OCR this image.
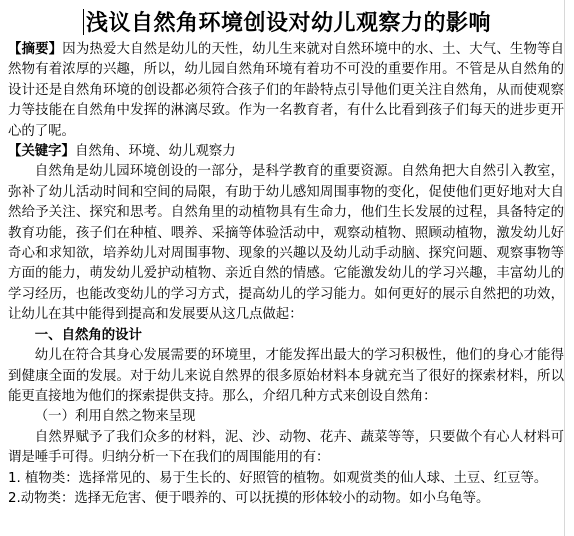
浅议自然角环境创设对幼儿观察力的影响

【摘要】因为热爱大自然是幼儿的天性，幼儿生来就对自然环境中的水、土、大气、生物等自然物有着浓厚的兴趣，所以，幼儿园自然角环境有着功不可没的重要作用。不管是从自然角的设计还是自然角环境的创设都必须符合孩子们的年龄特点引导他们更关注自然角，从而使观察力等技能在自然角中发挥的淋漓尽致。作为一名教育者，有什么比看到孩子们每天的进步更开心的了呢。

【关键字】自然角、环境、幼儿观察力

自然角是幼儿园环境创设的一部分，是科学教育的重要资源。自然角把大自然引入教室，弥补了幼儿活动时间和空间的局限，有助于幼儿感知周围事物的变化，促使他们更好地对大自然给予关注、探究和思考。自然角里的动植物具有生命力，他们生长发展的过程，具备特定的教育功能，孩子们在种植、喂养、采摘等体验活动中，观察动植物、照顾动植物，激发幼儿好奇心和求知欲，培养幼儿对周围事物、现象的兴趣以及幼儿动手动脑、探究问题、观察事物等方面的能力，萌发幼儿爱护动植物、亲近自然的情感。它能激发幼儿的学习兴趣，丰富幼儿的学习经历，也能改变幼儿的学习方式，提高幼儿的学习能力。如何更好的展示自然把的功效，让幼儿在其中能得到提高和发展要从这几点做起：

一、自然角的设计

幼儿在符合其身心发展需要的环境里，才能发挥出最大的学习积极性，他们的身心才能得到健康全面的发展。对于幼儿来说自然界的很多原始材料本身就充当了很好的探索材料，所以能更直接地为他们的探索提供支持。那么，介绍几种方式来创设自然角：

（一）利用自然之物来呈现

自然界赋予了我们众多的材料，泥、沙、动物、花卉、蔬菜等等，只要做个有心人材料可谓是唾手可得。归纳分析一下在我们的周围能用的有：

1. 植物类：选择常见的、易于生长的、好照管的植物。如观赏类的仙人球、土豆、红豆等。

2.动物类：选择无危害、便于喂养的、可以抚摸的形体较小的动物。如小乌龟等。
